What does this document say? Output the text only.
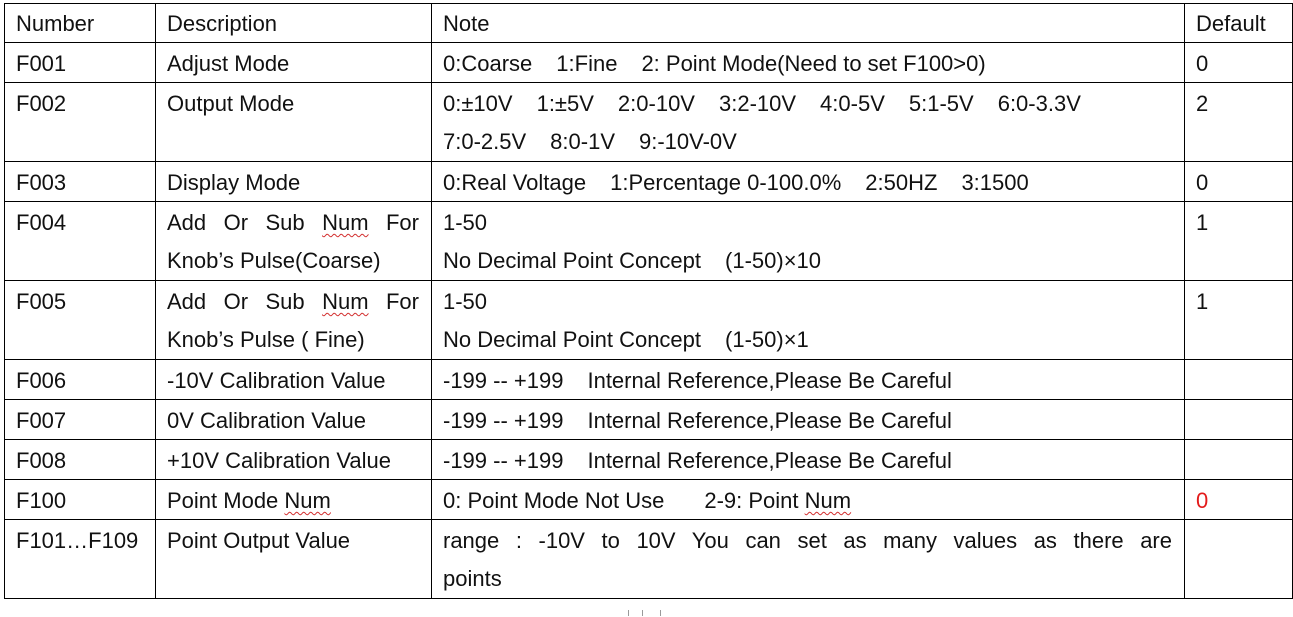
Number	Description	Note	Default
F001	Adjust Mode	0:Coarse 1:Fine 2: Point Mode(Need to set F100>0)	0
F002	Output Mode	0:±10V 1:±5V 2:0-10V 3:2-10V 4:0-5V 5:1-5V 6:0-3.3V
7:0-2.5V 8:0-1V 9:-10V-0V	2
F003	Display Mode	0:Real Voltage 1:Percentage 0-100.0% 2:50HZ 3:1500	0
F004	Add Or Sub Num For
Knob’s Pulse(Coarse)	1-50
No Decimal Point Concept (1-50)×10	1
F005	Add Or Sub Num For
Knob’s Pulse ( Fine)	1-50
No Decimal Point Concept (1-50)×1	1
F006	-10V Calibration Value	-199 -- +199 Internal Reference,Please Be Careful	
F007	0V Calibration Value	-199 -- +199 Internal Reference,Please Be Careful	
F008	+10V Calibration Value	-199 -- +199 Internal Reference,Please Be Careful	
F100	Point Mode Num	0: Point Mode Not Use 2-9: Point Num	0
F101…F109	Point Output Value	range : -10V to 10V You can set as many values as there are
points	
